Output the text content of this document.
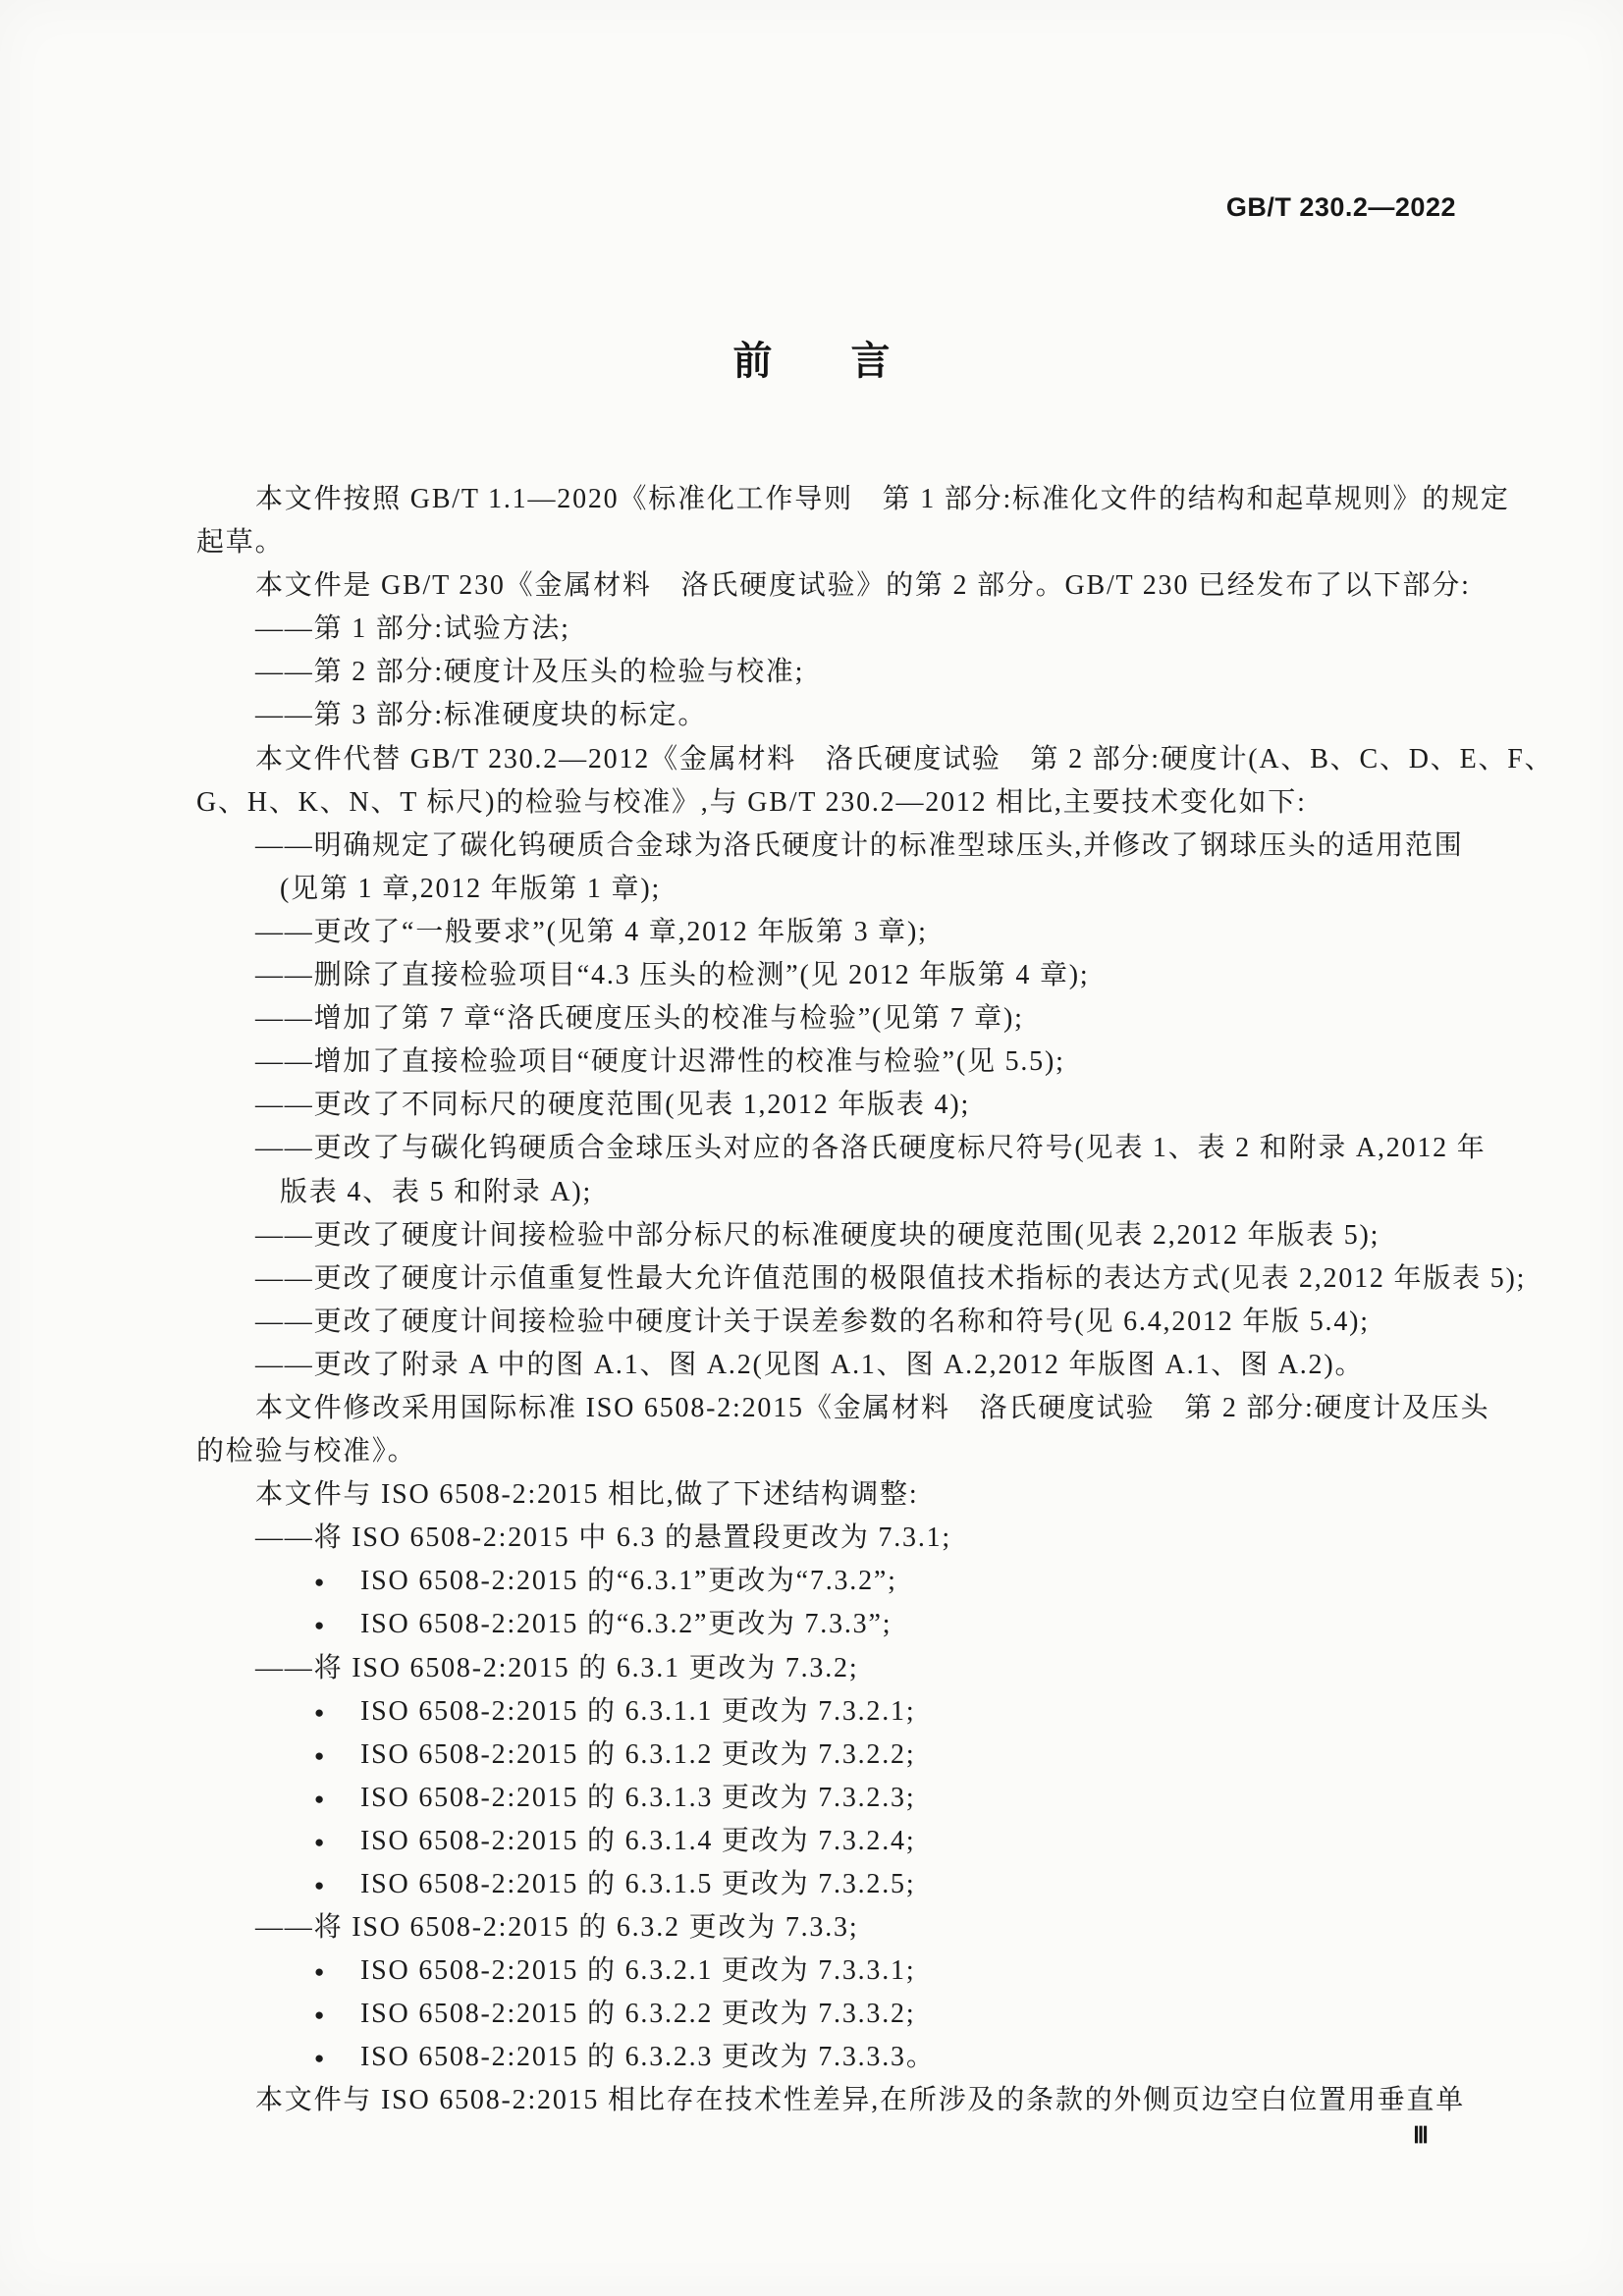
GB/T 230.2—2022
前　　言
本文件按照 GB/T 1.1—2020《标准化工作导则　第 1 部分:标准化文件的结构和起草规则》的规定
起草。
本文件是 GB/T 230《金属材料　洛氏硬度试验》的第 2 部分。GB/T 230 已经发布了以下部分:
——第 1 部分:试验方法;
——第 2 部分:硬度计及压头的检验与校准;
——第 3 部分:标准硬度块的标定。
本文件代替 GB/T 230.2—2012《金属材料　洛氏硬度试验　第 2 部分:硬度计(A、B、C、D、E、F、
G、H、K、N、T 标尺)的检验与校准》,与 GB/T 230.2—2012 相比,主要技术变化如下:
——明确规定了碳化钨硬质合金球为洛氏硬度计的标准型球压头,并修改了钢球压头的适用范围
(见第 1 章,2012 年版第 1 章);
——更改了“一般要求”(见第 4 章,2012 年版第 3 章);
——删除了直接检验项目“4.3 压头的检测”(见 2012 年版第 4 章);
——增加了第 7 章“洛氏硬度压头的校准与检验”(见第 7 章);
——增加了直接检验项目“硬度计迟滞性的校准与检验”(见 5.5);
——更改了不同标尺的硬度范围(见表 1,2012 年版表 4);
——更改了与碳化钨硬质合金球压头对应的各洛氏硬度标尺符号(见表 1、表 2 和附录 A,2012 年
版表 4、表 5 和附录 A);
——更改了硬度计间接检验中部分标尺的标准硬度块的硬度范围(见表 2,2012 年版表 5);
——更改了硬度计示值重复性最大允许值范围的极限值技术指标的表达方式(见表 2,2012 年版表 5);
——更改了硬度计间接检验中硬度计关于误差参数的名称和符号(见 6.4,2012 年版 5.4);
——更改了附录 A 中的图 A.1、图 A.2(见图 A.1、图 A.2,2012 年版图 A.1、图 A.2)。
本文件修改采用国际标准 ISO 6508-2:2015《金属材料　洛氏硬度试验　第 2 部分:硬度计及压头
的检验与校准》。
本文件与 ISO 6508-2:2015 相比,做了下述结构调整:
——将 ISO 6508-2:2015 中 6.3 的悬置段更改为 7.3.1;
● ISO 6508-2:2015 的“6.3.1”更改为“7.3.2”;
● ISO 6508-2:2015 的“6.3.2”更改为 7.3.3”;
——将 ISO 6508-2:2015 的 6.3.1 更改为 7.3.2;
● ISO 6508-2:2015 的 6.3.1.1 更改为 7.3.2.1;
● ISO 6508-2:2015 的 6.3.1.2 更改为 7.3.2.2;
● ISO 6508-2:2015 的 6.3.1.3 更改为 7.3.2.3;
● ISO 6508-2:2015 的 6.3.1.4 更改为 7.3.2.4;
● ISO 6508-2:2015 的 6.3.1.5 更改为 7.3.2.5;
——将 ISO 6508-2:2015 的 6.3.2 更改为 7.3.3;
● ISO 6508-2:2015 的 6.3.2.1 更改为 7.3.3.1;
● ISO 6508-2:2015 的 6.3.2.2 更改为 7.3.3.2;
● ISO 6508-2:2015 的 6.3.2.3 更改为 7.3.3.3。
本文件与 ISO 6508-2:2015 相比存在技术性差异,在所涉及的条款的外侧页边空白位置用垂直单
Ⅲ
